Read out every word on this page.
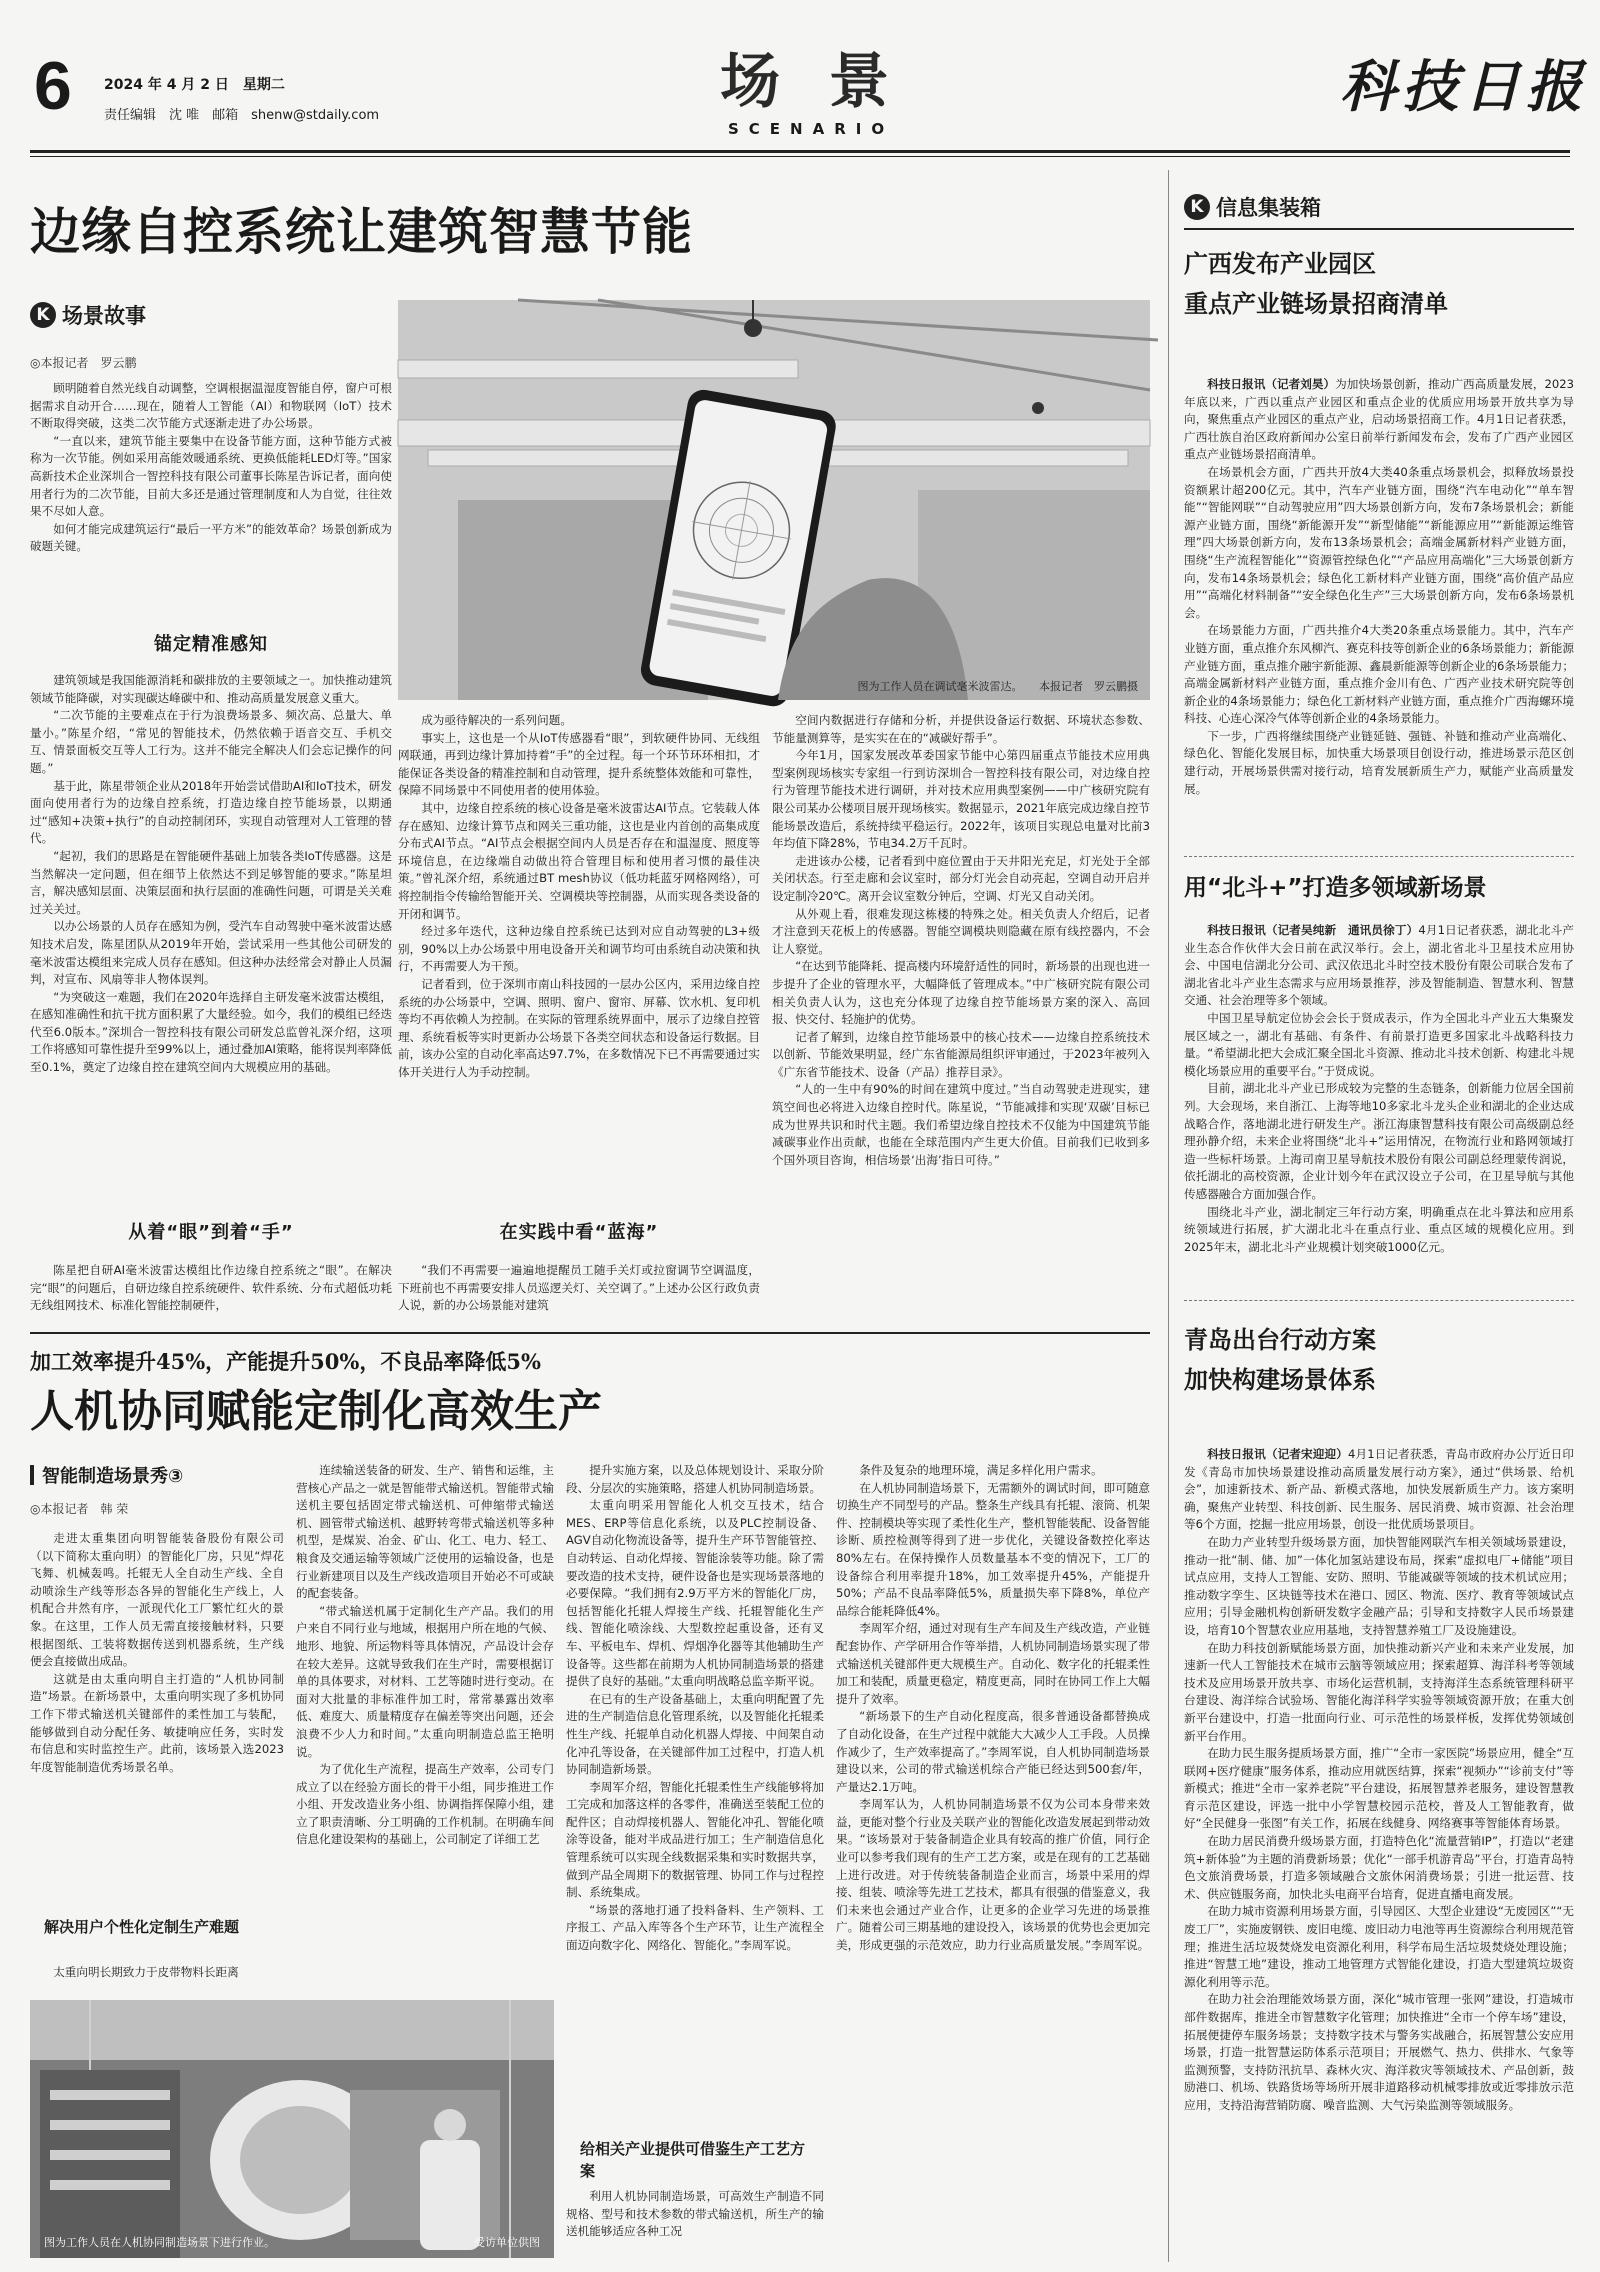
6 2024 年 4 月 2 日　星期二
责任编辑　沈 唯　邮箱　shenw@stdaily.com	场 景
SCENARIO
科技日报
边缘自控系统让建筑智慧节能
K 场景故事
◎本报记者　罗云鹏

顾明随着自然光线自动调整，空调根据温湿度智能自停，窗户可根据需求自动开合……现在，随着人工智能（AI）和物联网（IoT）技术不断取得突破，这类二次节能方式逐渐走进了办公场景。

“一直以来，建筑节能主要集中在设备节能方面，这种节能方式被称为一次节能。例如采用高能效暖通系统、更换低能耗LED灯等。”国家高新技术企业深圳合一智控科技有限公司董事长陈星告诉记者，面向使用者行为的二次节能，目前大多还是通过管理制度和人为自觉，往往效果不尽如人意。

如何才能完成建筑运行“最后一平方米”的能效革命？场景创新成为破题关键。

锚定精准感知

建筑领域是我国能源消耗和碳排放的主要领域之一。加快推动建筑领域节能降碳，对实现碳达峰碳中和、推动高质量发展意义重大。

“二次节能的主要难点在于行为浪费场景多、频次高、总量大、单量小。”陈星介绍，“常见的智能技术，仍然依赖于语音交互、手机交互、情景面板交互等人工行为。这并不能完全解决人们会忘记操作的问题。”

基于此，陈星带领企业从2018年开始尝试借助AI和IoT技术，研发面向使用者行为的边缘自控系统，打造边缘自控节能场景，以期通过“感知+决策+执行”的自动控制闭环，实现自动管理对人工管理的替代。

“起初，我们的思路是在智能硬件基础上加装各类IoT传感器。这是当然解决一定问题，但在细节上依然达不到足够智能的要求。”陈星坦言，解决感知层面、决策层面和执行层面的准确性问题，可谓是关关难过关关过。

以办公场景的人员存在感知为例，受汽车自动驾驶中毫米波雷达感知技术启发，陈星团队从2019年开始，尝试采用一些其他公司研发的毫米波雷达模组来完成人员存在感知。但这种办法经常会对静止人员漏判，对宣布、风扇等非人物体误判。

“为突破这一难题，我们在2020年选择自主研发毫米波雷达模组，在感知准确性和抗干扰方面积累了大量经验。如今，我们的模组已经迭代至6.0版本。”深圳合一智控科技有限公司研发总监曾礼深介绍，这项工作将感知可靠性提升至99%以上，通过叠加AI策略，能将误判率降低至0.1%，奠定了边缘自控在建筑空间内大规模应用的基础。

从着“眼”到着“手”

陈星把自研AI毫米波雷达模组比作边缘自控系统之“眼”。在解决完“眼”的问题后，自研边缘自控系统硬件、软件系统、分布式超低功耗无线组网技术、标准化智能控制硬件，

图为工作人员在调试毫米波雷达。　　本报记者　罗云鹏摄

成为亟待解决的一系列问题。

事实上，这也是一个从IoT传感器看“眼”，到软硬件协同、无线组网联通，再到边缘计算加持着“手”的全过程。每一个环节环环相扣，才能保证各类设备的精准控制和自动管理，提升系统整体效能和可靠性，保障不同场景中不同使用者的使用体验。

其中，边缘自控系统的核心设备是毫米波雷达AI节点。它装载人体存在感知、边缘计算节点和网关三重功能，这也是业内首创的高集成度分布式AI节点。“AI节点会根据空间内人员是否存在和温湿度、照度等环境信息，在边缘端自动做出符合管理目标和使用者习惯的最佳决策。”曾礼深介绍，系统通过BT mesh协议（低功耗蓝牙网格网络），可将控制指令传输给智能开关、空调模块等控制器，从而实现各类设备的开闭和调节。

经过多年迭代，这种边缘自控系统已达到对应自动驾驶的L3+级别，90%以上办公场景中用电设备开关和调节均可由系统自动决策和执行，不再需要人为干预。

记者看到，位于深圳市南山科技园的一层办公区内，采用边缘自控系统的办公场景中，空调、照明、窗户、窗帘、屏幕、饮水机、复印机等均不再依赖人为控制。在实际的管理系统界面中，展示了边缘自控管理、系统看板等实时更新办公场景下各类空间状态和设备运行数据。目前，该办公室的自动化率高达97.7%，在多数情况下已不再需要通过实体开关进行人为手动控制。

在实践中看“蓝海”

“我们不再需要一遍遍地提醒员工随手关灯或拉窗调节空调温度，下班前也不再需要安排人员巡逻关灯、关空调了。”上述办公区行政负责人说，新的办公场景能对建筑

空间内数据进行存储和分析，并提供设备运行数据、环境状态参数、节能量测算等，是实实在在的“减碳好帮手”。

今年1月，国家发展改革委国家节能中心第四届重点节能技术应用典型案例现场核实专家组一行到访深圳合一智控科技有限公司，对边缘自控行为管理节能技术进行调研，并对技术应用典型案例——中广核研究院有限公司某办公楼项目展开现场核实。数据显示，2021年底完成边缘自控节能场景改造后，系统持续平稳运行。2022年，该项目实现总电量对比前3年均值下降28%，节电34.2万千瓦时。

走进该办公楼，记者看到中庭位置由于天井阳光充足，灯光处于全部关闭状态。行至走廊和会议室时，部分灯光会自动亮起，空调自动开启并设定制冷20℃。离开会议室数分钟后，空调、灯光又自动关闭。

从外观上看，很难发现这栋楼的特殊之处。相关负责人介绍后，记者才注意到天花板上的传感器。智能空调模块则隐藏在原有线控器内，不会让人察觉。

“在达到节能降耗、提高楼内环境舒适性的同时，新场景的出现也进一步提升了企业的管理水平，大幅降低了管理成本。”中广核研究院有限公司相关负责人认为，这也充分体现了边缘自控节能场景方案的深入、高回报、快交付、轻施护的优势。

记者了解到，边缘自控节能场景中的核心技术——边缘自控系统技术以创新、节能效果明显，经广东省能源局组织评审通过，于2023年被列入《广东省节能技术、设备（产品）推荐目录》。

“人的一生中有90%的时间在建筑中度过。”当自动驾驶走进现实，建筑空间也必将进入边缘自控时代。陈星说，“节能减排和实现‘双碳’目标已成为世界共识和时代主题。我们希望边缘自控技术不仅能为中国建筑节能减碳事业作出贡献，也能在全球范围内产生更大价值。目前我们已收到多个国外项目咨询，相信场景‘出海’指日可待。”

加工效率提升45%，产能提升50%，不良品率降低5%
人机协同赋能定制化高效生产
智能制造场景秀③
◎本报记者　韩 荣

走进太重集团向明智能装备股份有限公司（以下简称太重向明）的智能化厂房，只见“焊花飞舞、机械轰鸣。托辊无人全自动生产线、全自动喷涂生产线等形态各异的智能化生产线上，人机配合井然有序，一派现代化工厂繁忙红火的景象。在这里，工作人员无需直接接触材料，只要根据图纸、工装将数据传送到机器系统，生产线便会直接做出成品。

这就是由太重向明自主打造的“人机协同制造”场景。在新场景中，太重向明实现了多机协同工作下带式输送机关键部件的柔性加工与装配，能够做到自动分配任务、敏捷响应任务，实时发布信息和实时监控生产。此前，该场景入选2023年度智能制造优秀场景名单。

解决用户个性化定制生产难题

太重向明长期致力于皮带物料长距离

连续输送装备的研发、生产、销售和运维，主营核心产品之一就是智能带式输送机。智能带式输送机主要包括固定带式输送机、可伸缩带式输送机、圆管带式输送机、越野转弯带式输送机等多种机型，是煤炭、冶金、矿山、化工、电力、轻工、粮食及交通运输等领域广泛使用的运输设备，也是行业新建项目以及生产线改造项目开始必不可或缺的配套装备。

“带式输送机属于定制化生产产品。我们的用户来自不同行业与地域，根据用户所在地的气候、地形、地貌、所运物料等具体情况，产品设计会存在较大差异。这就导致我们在生产时，需要根据订单的具体要求，对材料、工艺等随时进行变动。在面对大批量的非标准件加工时，常常暴露出效率低、难度大、质量精度存在偏差等突出问题，还会浪费不少人力和时间。”太重向明制造总监王艳明说。

为了优化生产流程，提高生产效率，公司专门成立了以在经验方面长的骨干小组，同步推进工作小组、开发改造业务小组、协调指挥保障小组，建立了职责清晰、分工明确的工作机制。在明确车间信息化建设架构的基础上，公司制定了详细工艺

提升实施方案，以及总体规划设计、采取分阶段、分层次的实施策略，搭建人机协同制造场景。

太重向明采用智能化人机交互技术，结合MES、ERP等信息化系统，以及PLC控制设备、AGV自动化物流设备等，提升生产环节智能管控、自动转运、自动化焊接、智能涂装等功能。除了需要改造的技术支持，硬件设备也是实现场景落地的必要保障。“我们拥有2.9万平方米的智能化厂房，包括智能化托辊人焊接生产线、托辊智能化生产线、智能化喷涂线、大型数控起重设备，还有叉车、平板电车、焊机、焊烟净化器等其他辅助生产设备等。这些都在前期为人机协同制造场景的搭建提供了良好的基础。”太重向明战略总监辛斯平说。

在已有的生产设备基础上，太重向明配置了先进的生产制造信息化管理系统，以及智能化托辊柔性生产线、托辊单自动化机器人焊接、中间架自动化冲孔等设备，在关键部件加工过程中，打造人机协同制造新场景。

李周军介绍，智能化托辊柔性生产线能够将加工完成和加落这样的各零件，准确送至装配工位的配件区；自动焊接机器人、智能化冲孔、智能化喷涂等设备，能对半成品进行加工；生产制造信息化管理系统可以实现全线数据采集和实时数据共享，做到产品全周期下的数据管理、协同工作与过程控制、系统集成。

“场景的落地打通了投料备料、生产领料、工序报工、产品入库等各个生产环节，让生产流程全面迈向数字化、网络化、智能化。”李周军说。

给相关产业提供可借鉴生产工艺方案

利用人机协同制造场景，可高效生产制造不同规格、型号和技术参数的带式输送机，所生产的输送机能够适应各种工况

条件及复杂的地理环境，满足多样化用户需求。

在人机协同制造场景下，无需额外的调试时间，即可随意切换生产不同型号的产品。整条生产线具有托辊、滚筒、机架件、控制模块等实现了柔性化生产，整机智能装配、设备智能诊断、质控检测等得到了进一步优化，关键设备数控化率达80%左右。在保持操作人员数量基本不变的情况下，工厂的设备综合利用率提升18%，加工效率提升45%，产能提升50%；产品不良品率降低5%，质量损失率下降8%，单位产品综合能耗降低4%。

李周军介绍，通过对现有生产车间及生产线改造，产业链配套协作、产学研用合作等举措，人机协同制造场景实现了带式输送机关键部件更大规模生产。自动化、数字化的托辊柔性加工和装配，质量更稳定，精度更高，同时在协同工作上大幅提升了效率。

“新场景下的生产自动化程度高，很多普通设备都替换成了自动化设备，在生产过程中就能大大减少人工手段。人员操作减少了，生产效率提高了。”李周军说，自人机协同制造场景建设以来，公司的带式输送机综合产能已经达到500套/年，产量达2.1万吨。

李周军认为，人机协同制造场景不仅为公司本身带来效益，更能对整个行业及关联产业的智能化改造发展起到带动效果。“该场景对于装备制造企业具有较高的推广价值，同行企业可以参考我们现有的生产工艺方案，或是在现有的工艺基础上进行改进。对于传统装备制造企业而言，场景中采用的焊接、组装、喷涂等先进工艺技术，都具有很强的借鉴意义，我们未来也会通过产业合作，让更多的企业学习先进的场景推广。随着公司三期基地的建设投入，该场景的优势也会更加完美，形成更强的示范效应，助力行业高质量发展。”李周军说。

图为工作人员在人机协同制造场景下进行作业。	受访单位供图
K 信息集装箱
广西发布产业园区
重点产业链场景招商清单

科技日报讯（记者刘昊）为加快场景创新，推动广西高质量发展，2023年底以来，广西以重点产业园区和重点企业的优质应用场景开放共享为导向，聚焦重点产业园区的重点产业，启动场景招商工作。4月1日记者获悉，广西壮族自治区政府新闻办公室日前举行新闻发布会，发布了广西产业园区重点产业链场景招商清单。

在场景机会方面，广西共开放4大类40条重点场景机会，拟释放场景投资额累计超200亿元。其中，汽车产业链方面，围绕“汽车电动化”“单车智能”“智能网联”“自动驾驶应用”四大场景创新方向，发布7条场景机会；新能源产业链方面，围绕“新能源开发”“新型储能”“新能源应用”“新能源运维管理”四大场景创新方向，发布13条场景机会；高端金属新材料产业链方面，围绕“生产流程智能化”“资源管控绿色化”“产品应用高端化”三大场景创新方向，发布14条场景机会；绿色化工新材料产业链方面，围绕“高价值产品应用”“高端化材料制备”“安全绿色化生产”三大场景创新方向，发布6条场景机会。

在场景能力方面，广西共推介4大类20条重点场景能力。其中，汽车产业链方面，重点推介东风柳汽、赛克科技等创新企业的6条场景能力；新能源产业链方面，重点推介融宇新能源、鑫晨新能源等创新企业的6条场景能力；高端金属新材料产业链方面，重点推介金川有色、广西产业技术研究院等创新企业的4条场景能力；绿色化工新材料产业链方面，重点推介广西海螺环境科技、心连心深冷气体等创新企业的4条场景能力。

下一步，广西将继续围绕产业链延链、强链、补链和推动产业高端化、绿色化、智能化发展目标，加快重大场景项目创设行动，推进场景示范区创建行动，开展场景供需对接行动，培育发展新质生产力，赋能产业高质量发展。

用“北斗+”打造多领域新场景

科技日报讯（记者吴纯新　通讯员徐丁）4月1日记者获悉，湖北北斗产业生态合作伙伴大会日前在武汉举行。会上，湖北省北斗卫星技术应用协会、中国电信湖北分公司、武汉依迅北斗时空技术股份有限公司联合发布了湖北省北斗产业生态需求与应用场景推荐，涉及智能制造、智慧水利、智慧交通、社会治理等多个领域。

中国卫星导航定位协会会长于贤成表示，作为全国北斗产业五大集聚发展区域之一，湖北有基础、有条件、有前景打造更多国家北斗战略科技力量。“希望湖北把大会成汇聚全国北斗资源、推动北斗技术创新、构建北斗规模化场景应用的重要平台。”于贤成说。

目前，湖北北斗产业已形成较为完整的生态链条，创新能力位居全国前列。大会现场，来自浙江、上海等地10多家北斗龙头企业和湖北的企业达成战略合作，落地湖北进行研发生产。浙江海康智慧科技有限公司高级副总经理孙静介绍，未来企业将围绕“北斗+”运用情况，在物流行业和路网领域打造一些标杆场景。上海司南卫星导航技术股份有限公司副总经理蒙传润说，依托湖北的高校资源，企业计划今年在武汉设立子公司，在卫星导航与其他传感器融合方面加强合作。

围绕北斗产业，湖北制定三年行动方案，明确重点在北斗算法和应用系统领域进行拓展，扩大湖北北斗在重点行业、重点区域的规模化应用。到2025年末，湖北北斗产业规模计划突破1000亿元。

青岛出台行动方案
加快构建场景体系

科技日报讯（记者宋迎迎）4月1日记者获悉，青岛市政府办公厅近日印发《青岛市加快场景建设推动高质量发展行动方案》，通过“供场景、给机会”，加速新技术、新产品、新模式落地，加快发展新质生产力。该方案明确，聚焦产业转型、科技创新、民生服务、居民消费、城市资源、社会治理等6个方面，挖掘一批应用场景，创设一批优质场景项目。

在助力产业转型升级场景方面，加快智能网联汽车相关领域场景建设，推动一批“制、储、加”一体化加氢站建设布局，探索“虚拟电厂+储能”项目试点应用，支持人工智能、安防、照明、节能减碳等领域的技术机试应用；推动数字孪生、区块链等技术在港口、园区、物流、医疗、教育等领域试点应用；引导金融机构创新研发数字金融产品；引导和支持数字人民币场景建设，培育10个智慧农业应用基地，支持智慧养殖工厂及设施建设。

在助力科技创新赋能场景方面，加快推动新兴产业和未来产业发展，加速新一代人工智能技术在城市云脑等领域应用；探索超算、海洋科考等领域技术及应用场景开放共享、市场化运营机制，支持海洋生态系统管理科研平台建设、海洋综合试验场、智能化海洋科学实验等领域资源开放；在重大创新平台建设中，打造一批面向行业、可示范性的场景样板，发挥优势领域创新平台作用。

在助力民生服务提质场景方面，推广“全市一家医院”场景应用，健全“互联网+医疗健康”服务体系，推动应用就医结算，探索“视频办”“诊前支付”等新模式；推进“全市一家养老院”平台建设，拓展智慧养老服务，建设智慧教育示范区建设，评选一批中小学智慧校园示范校，普及人工智能教育，做好“全民健身一张图”有关工作，拓展在线健身、网络赛事等智能体育场景。

在助力居民消费升级场景方面，打造特色化“流量营销IP”，打造以“老建筑+新体验”为主题的消费新场景；优化“一部手机游青岛”平台，打造青岛特色文旅消费场景，打造多领域融合文旅休闲消费场景；引进一批运营、技术、供应链服务商，加快北头电商平台培育，促进直播电商发展。

在助力城市资源利用场景方面，引导园区、大型企业建设“无废园区”“无废工厂”，实施废钢铁、废旧电缆、废旧动力电池等再生资源综合利用规范管理；推进生活垃圾焚烧发电资源化利用，科学布局生活垃圾焚烧处理设施；推进“智慧工地”建设，推动工地管理方式智能化建设，打造大型建筑垃圾资源化利用等示范。

在助力社会治理能效场景方面，深化“城市管理一张网”建设，打造城市部件数据库，推进全市智慧数字化管理；加快推进“全市一个停车场”建设，拓展便捷停车服务场景；支持数字技术与警务实战融合，拓展智慧公安应用场景，打造一批智慧运防体系示范项目；开展燃气、热力、供排水、气象等监测预警，支持防汛抗旱、森林火灾、海洋救灾等领域技术、产品创新，鼓励港口、机场、铁路货场等场所开展非道路移动机械零排放或近零排放示范应用，支持沿海营销防腐、噪音监测、大气污染监测等领域服务。
